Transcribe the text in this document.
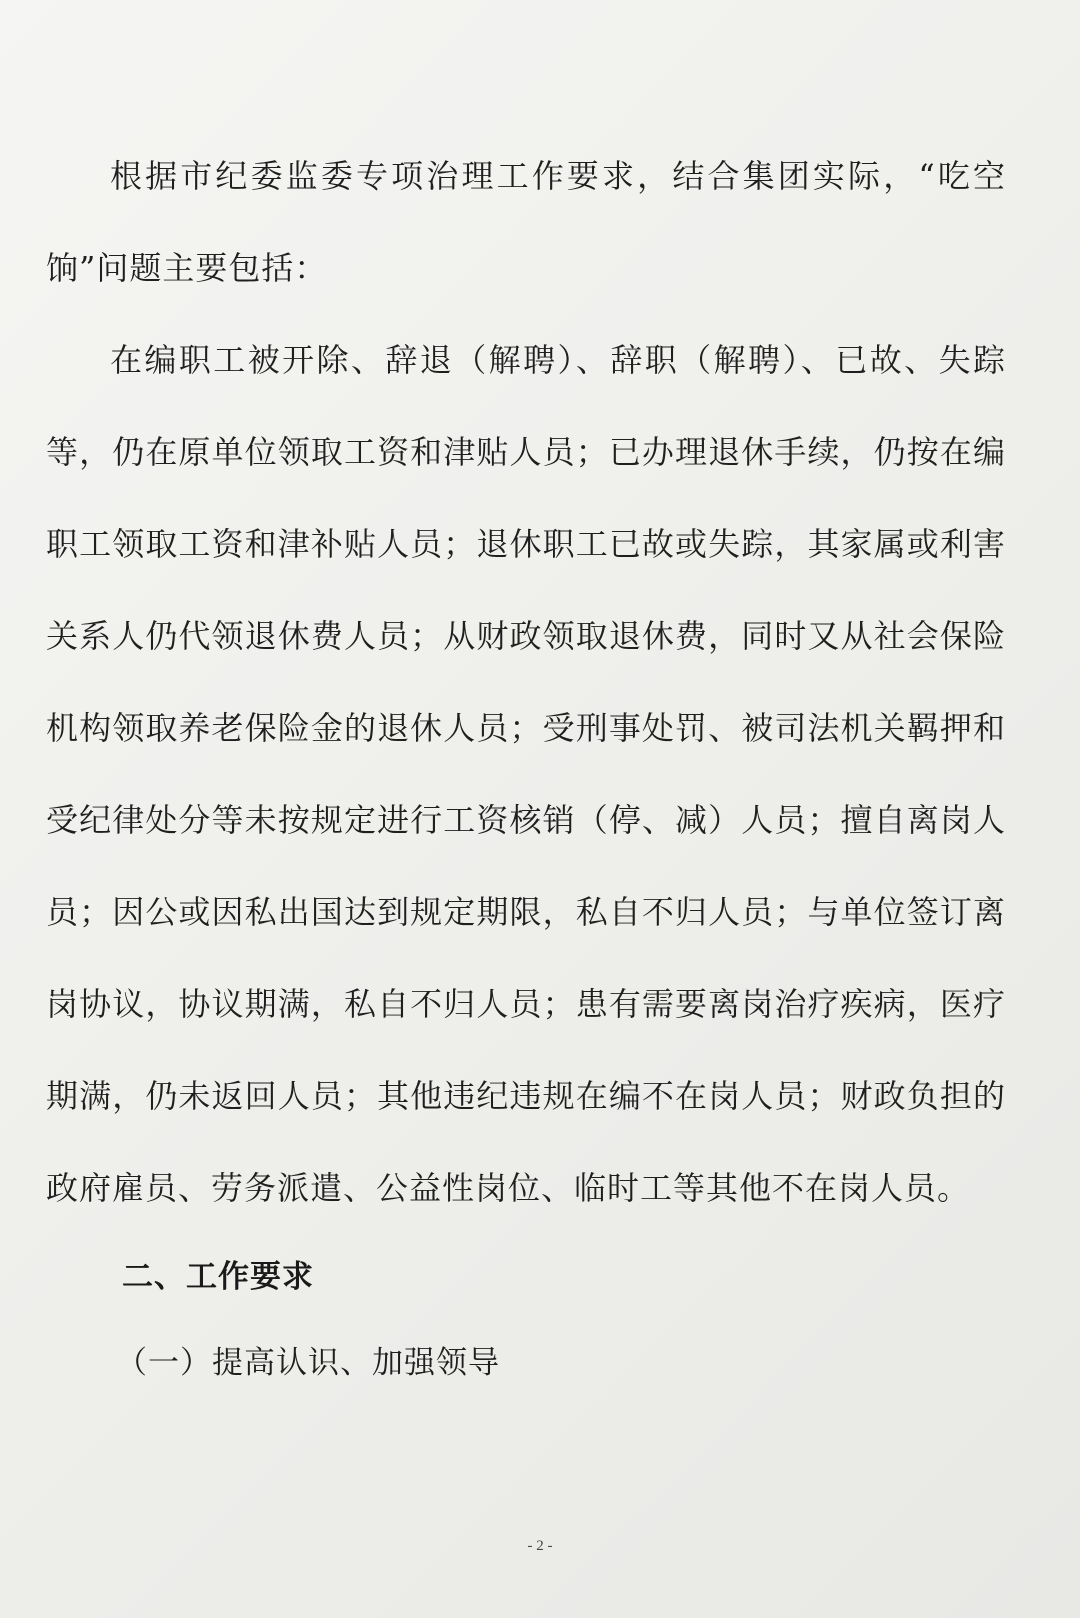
根据市纪委监委专项治理工作要求，结合集团实际，“吃空饷”问题主要包括：

在编职工被开除、辞退（解聘）、辞职（解聘）、已故、失踪等，仍在原单位领取工资和津贴人员；已办理退休手续，仍按在编职工领取工资和津补贴人员；退休职工已故或失踪，其家属或利害关系人仍代领退休费人员；从财政领取退休费，同时又从社会保险机构领取养老保险金的退休人员；受刑事处罚、被司法机关羁押和受纪律处分等未按规定进行工资核销（停、减）人员；擅自离岗人员；因公或因私出国达到规定期限，私自不归人员；与单位签订离岗协议，协议期满，私自不归人员；患有需要离岗治疗疾病，医疗期满，仍未返回人员；其他违纪违规在编不在岗人员；财政负担的政府雇员、劳务派遣、公益性岗位、临时工等其他不在岗人员。

二、工作要求

（一）提高认识、加强领导

- 2 -
